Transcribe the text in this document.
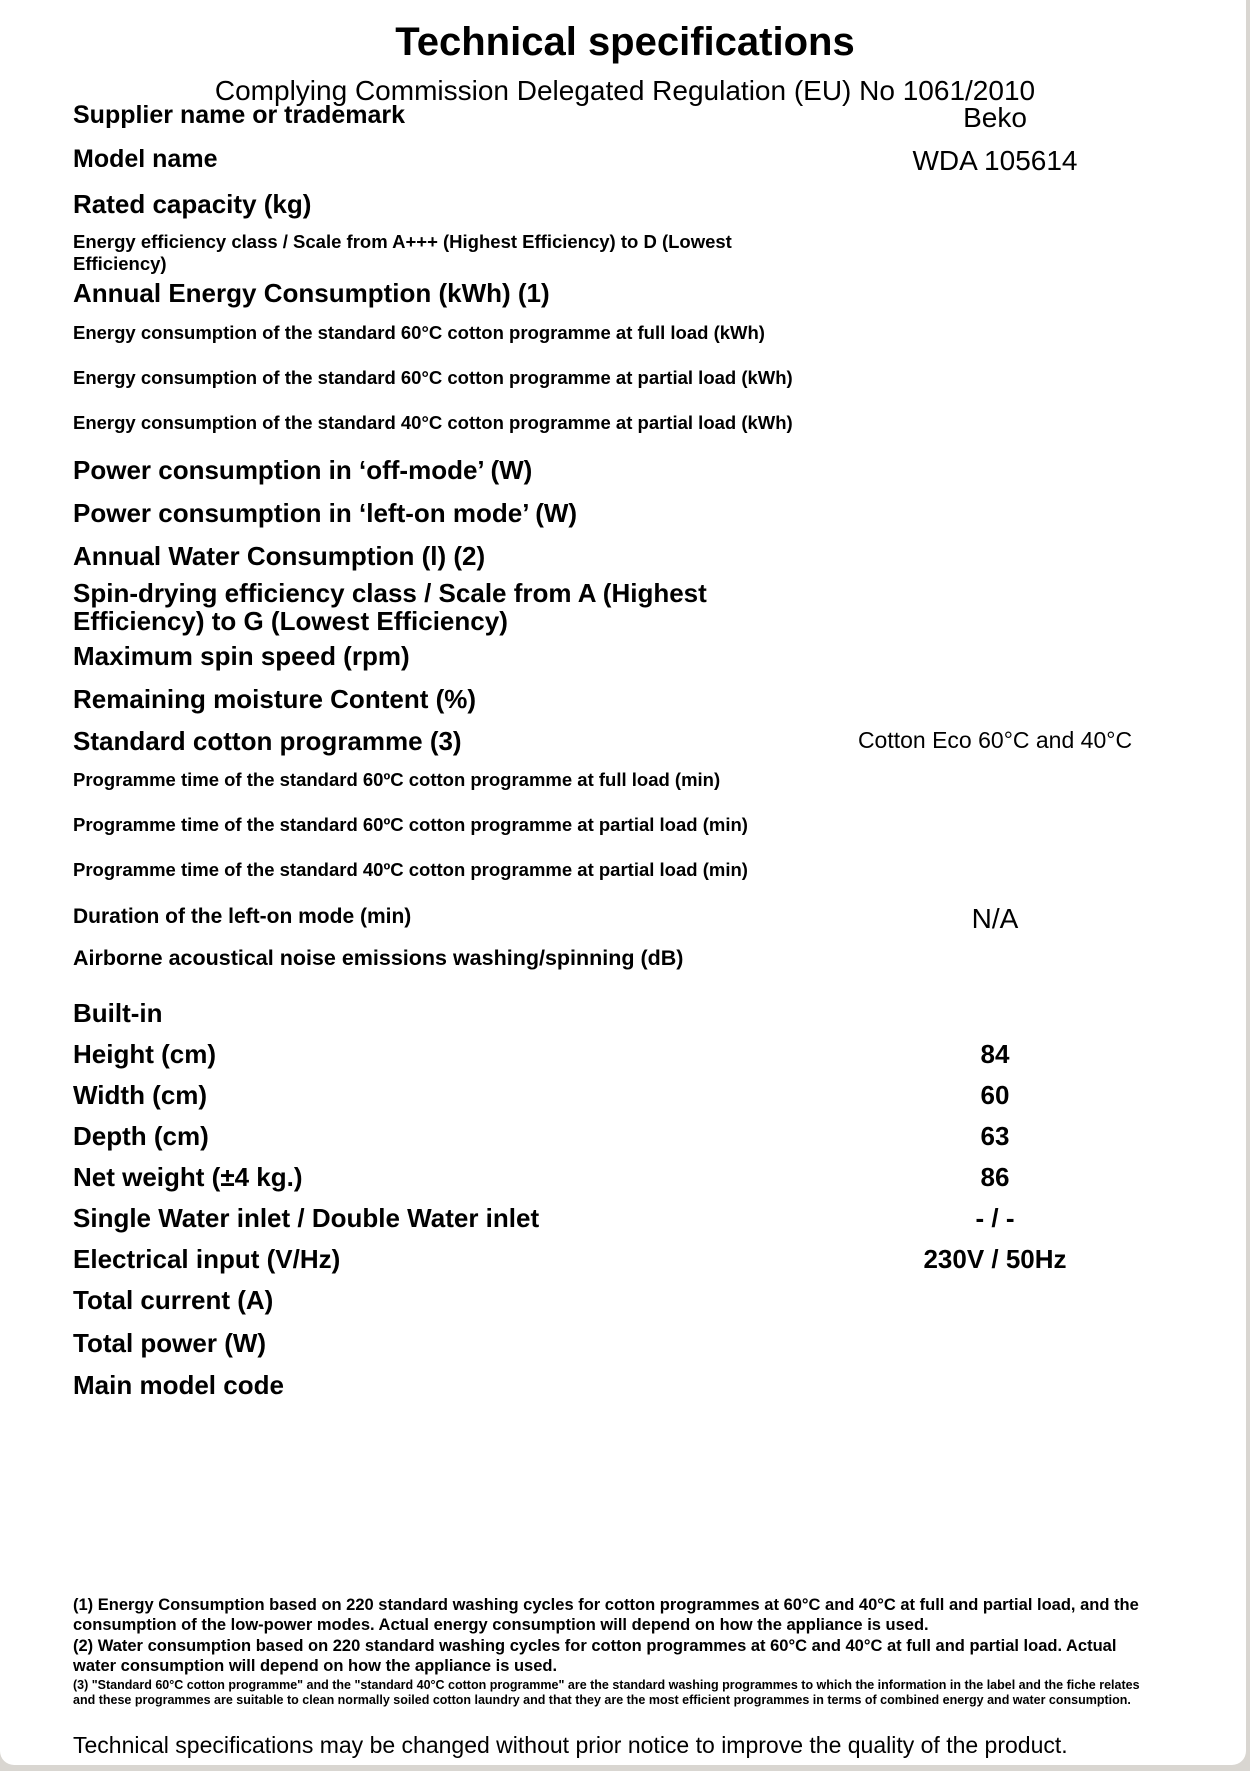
Technical specifications
Complying Commission Delegated Regulation (EU) No 1061/2010
Supplier name or trademark	Beko
Model name	WDA 105614
Rated capacity (kg)
Energy efficiency class / Scale from A+++ (Highest Efficiency) to D (Lowest Efficiency)
Annual Energy Consumption (kWh) (1)
Energy consumption of the standard 60°C cotton programme at full load (kWh)
Energy consumption of the standard 60°C cotton programme at partial load (kWh)
Energy consumption of the standard 40°C cotton programme at partial load (kWh)
Power consumption in ‘off-mode’ (W)
Power consumption in ‘left-on mode’ (W)
Annual Water Consumption (l) (2)
Spin-drying efficiency class / Scale from A (Highest Efficiency) to G (Lowest Efficiency)
Maximum spin speed (rpm)
Remaining moisture Content (%)
Standard cotton programme (3)	Cotton Eco 60°C and 40°C
Programme time of the standard 60ºC cotton programme at full load (min)
Programme time of the standard 60ºC cotton programme at partial load (min)
Programme time of the standard 40ºC cotton programme at partial load (min)
Duration of the left-on mode (min)	N/A
Airborne acoustical noise emissions washing/spinning (dB)
Built-in
Height (cm)	84
Width (cm)	60
Depth (cm)	63
Net weight (±4 kg.)	86
Single Water inlet / Double Water inlet	- / -
Electrical input (V/Hz)	230V / 50Hz
Total current (A)
Total power (W)
Main model code
(1) Energy Consumption based on 220 standard washing cycles for cotton programmes at 60°C and 40°C at full and partial load, and the consumption of the low-power modes. Actual energy consumption will depend on how the appliance is used.
(2) Water consumption based on 220 standard washing cycles for cotton programmes at 60°C and 40°C at full and partial load. Actual water consumption will depend on how the appliance is used.
(3) "Standard 60°C cotton programme" and the "standard 40°C cotton programme" are the standard washing programmes to which the information in the label and the fiche relates and these programmes are suitable to clean normally soiled cotton laundry and that they are the most efficient programmes in terms of combined energy and water consumption.
Technical specifications may be changed without prior notice to improve the quality of the product.
